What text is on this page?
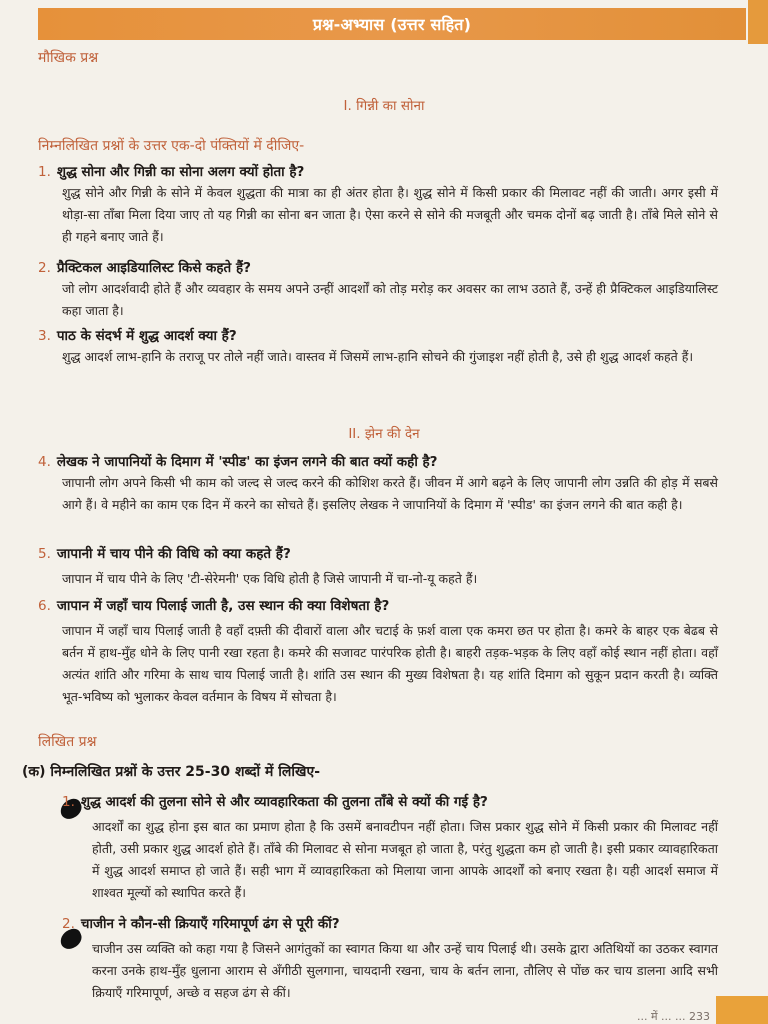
प्रश्न-अभ्यास (उत्तर सहित)
मौखिक प्रश्न
I. गिन्नी का सोना
निम्नलिखित प्रश्नों के उत्तर एक-दो पंक्तियों में दीजिए-
1. शुद्ध सोना और गिन्नी का सोना अलग क्यों होता है?
शुद्ध सोने और गिन्नी के सोने में केवल शुद्धता की मात्रा का ही अंतर होता है। शुद्ध सोने में किसी प्रकार की मिलावट नहीं की जाती। अगर इसी में थोड़ा-सा ताँबा मिला दिया जाए तो यह गिन्नी का सोना बन जाता है। ऐसा करने से सोने की मजबूती और चमक दोनों बढ़ जाती है। ताँबे मिले सोने से ही गहने बनाए जाते हैं।
2. प्रैक्टिकल आइडियालिस्ट किसे कहते हैं?
जो लोग आदर्शवादी होते हैं और व्यवहार के समय अपने उन्हीं आदर्शों को तोड़ मरोड़ कर अवसर का लाभ उठाते हैं, उन्हें ही प्रैक्टिकल आइडियालिस्ट कहा जाता है।
3. पाठ के संदर्भ में शुद्ध आदर्श क्या हैं?
शुद्ध आदर्श लाभ-हानि के तराजू पर तोले नहीं जाते। वास्तव में जिसमें लाभ-हानि सोचने की गुंजाइश नहीं होती है, उसे ही शुद्ध आदर्श कहते हैं।
II. झेन की देन
4. लेखक ने जापानियों के दिमाग में 'स्पीड' का इंजन लगने की बात क्यों कही है?
जापानी लोग अपने किसी भी काम को जल्द से जल्द करने की कोशिश करते हैं। जीवन में आगे बढ़ने के लिए जापानी लोग उन्नति की होड़ में सबसे आगे हैं। वे महीने का काम एक दिन में करने का सोचते हैं। इसलिए लेखक ने जापानियों के दिमाग में 'स्पीड' का इंजन लगने की बात कही है।
5. जापानी में चाय पीने की विधि को क्या कहते हैं?
जापान में चाय पीने के लिए 'टी-सेरेमनी' एक विधि होती है जिसे जापानी में चा-नो-यू कहते हैं।
6. जापान में जहाँ चाय पिलाई जाती है, उस स्थान की क्या विशेषता है?
जापान में जहाँ चाय पिलाई जाती है वहाँ दफ़्ती की दीवारों वाला और चटाई के फ़र्श वाला एक कमरा छत पर होता है। कमरे के बाहर एक बेढब से बर्तन में हाथ-मुँह धोने के लिए पानी रखा रहता है। कमरे की सजावट पारंपरिक होती है। बाहरी तड़क-भड़क के लिए वहाँ कोई स्थान नहीं होता। वहाँ अत्यंत शांति और गरिमा के साथ चाय पिलाई जाती है। शांति उस स्थान की मुख्य विशेषता है। यह शांति दिमाग को सुकून प्रदान करती है। व्यक्ति भूत-भविष्य को भुलाकर केवल वर्तमान के विषय में सोचता है।
लिखित प्रश्न
(क) निम्नलिखित प्रश्नों के उत्तर 25-30 शब्दों में लिखिए-
1. शुद्ध आदर्श की तुलना सोने से और व्यावहारिकता की तुलना ताँबे से क्यों की गई है?
आदर्शों का शुद्ध होना इस बात का प्रमाण होता है कि उसमें बनावटीपन नहीं होता। जिस प्रकार शुद्ध सोने में किसी प्रकार की मिलावट नहीं होती, उसी प्रकार शुद्ध आदर्श होते हैं। ताँबे की मिलावट से सोना मजबूत हो जाता है, परंतु शुद्धता कम हो जाती है। इसी प्रकार व्यावहारिकता में शुद्ध आदर्श समाप्त हो जाते हैं। सही भाग में व्यावहारिकता को मिलाया जाना आपके आदर्शों को बनाए रखता है। यही आदर्श समाज में शाश्वत मूल्यों को स्थापित करते हैं।
2. चाजीन ने कौन-सी क्रियाएँ गरिमापूर्ण ढंग से पूरी कीं?
चाजीन उस व्यक्ति को कहा गया है जिसने आगंतुकों का स्वागत किया था और उन्हें चाय पिलाई थी। उसके द्वारा अतिथियों का उठकर स्वागत करना उनके हाथ-मुँह धुलाना आराम से अँगीठी सुलगाना, चायदानी रखना, चाय के बर्तन लाना, तौलिए से पोंछ कर चाय डालना आदि सभी क्रियाएँ गरिमापूर्ण, अच्छे व सहज ढंग से कीं।
... में ... ... 233
